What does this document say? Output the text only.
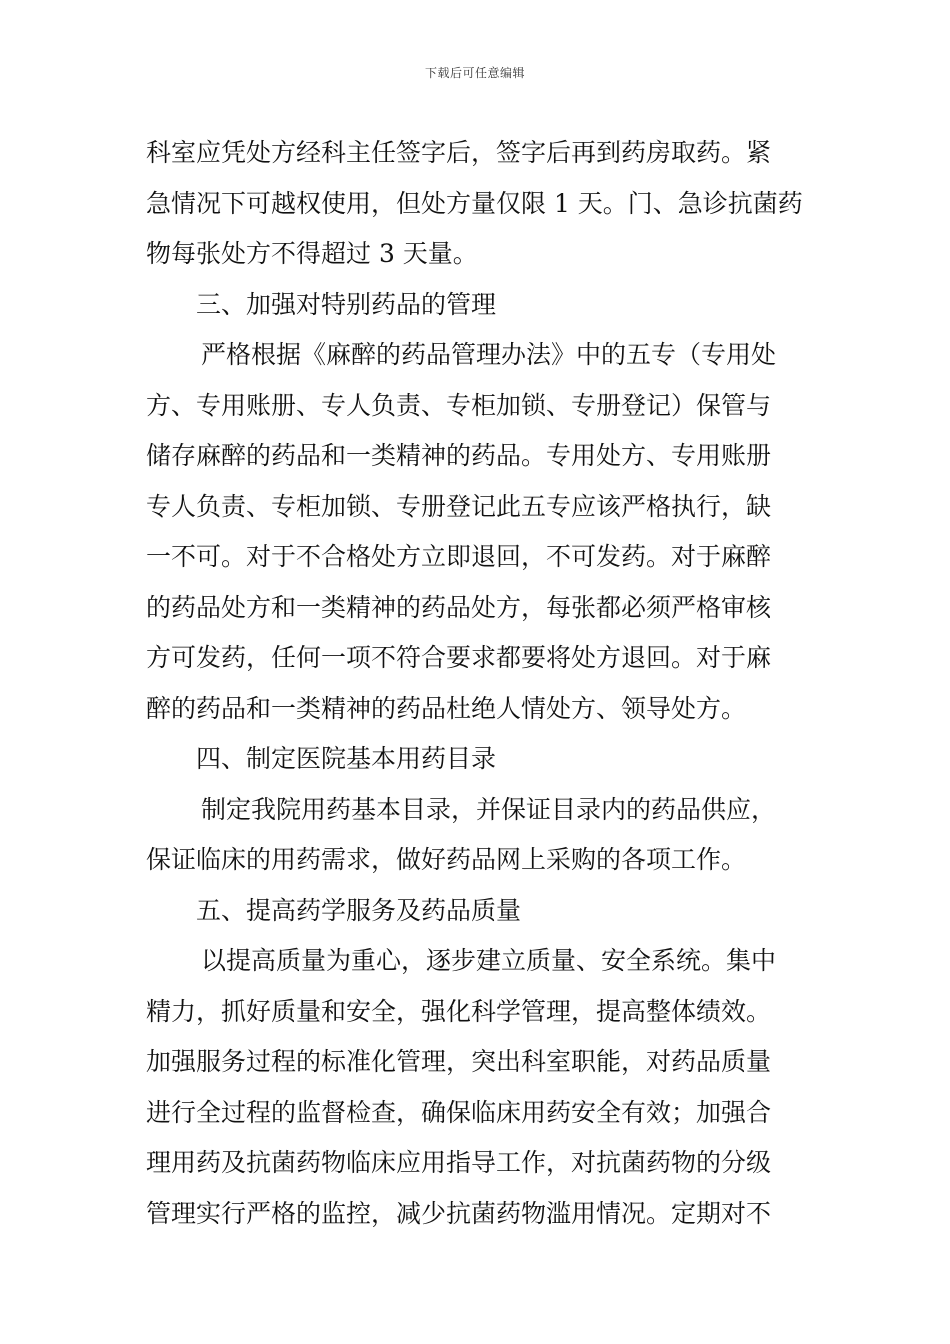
下载后可任意编辑
科室应凭处方经科主任签字后，签字后再到药房取药。紧
急情况下可越权使用，但处方量仅限 1 天。门、急诊抗菌药
物每张处方不得超过 3 天量。
三、加强对特别药品的管理
严格根据《麻醉的药品管理办法》中的五专（专用处
方、专用账册、专人负责、专柜加锁、专册登记）保管与
储存麻醉的药品和一类精神的药品。专用处方、专用账册
专人负责、专柜加锁、专册登记此五专应该严格执行，缺
一不可。对于不合格处方立即退回，不可发药。对于麻醉
的药品处方和一类精神的药品处方，每张都必须严格审核
方可发药，任何一项不符合要求都要将处方退回。对于麻
醉的药品和一类精神的药品杜绝人情处方、领导处方。
四、制定医院基本用药目录
制定我院用药基本目录，并保证目录内的药品供应，
保证临床的用药需求，做好药品网上采购的各项工作。
五、提高药学服务及药品质量
以提高质量为重心，逐步建立质量、安全系统。集中
精力，抓好质量和安全，强化科学管理，提高整体绩效。
加强服务过程的标准化管理，突出科室职能，对药品质量
进行全过程的监督检查，确保临床用药安全有效；加强合
理用药及抗菌药物临床应用指导工作，对抗菌药物的分级
管理实行严格的监控，减少抗菌药物滥用情况。定期对不
